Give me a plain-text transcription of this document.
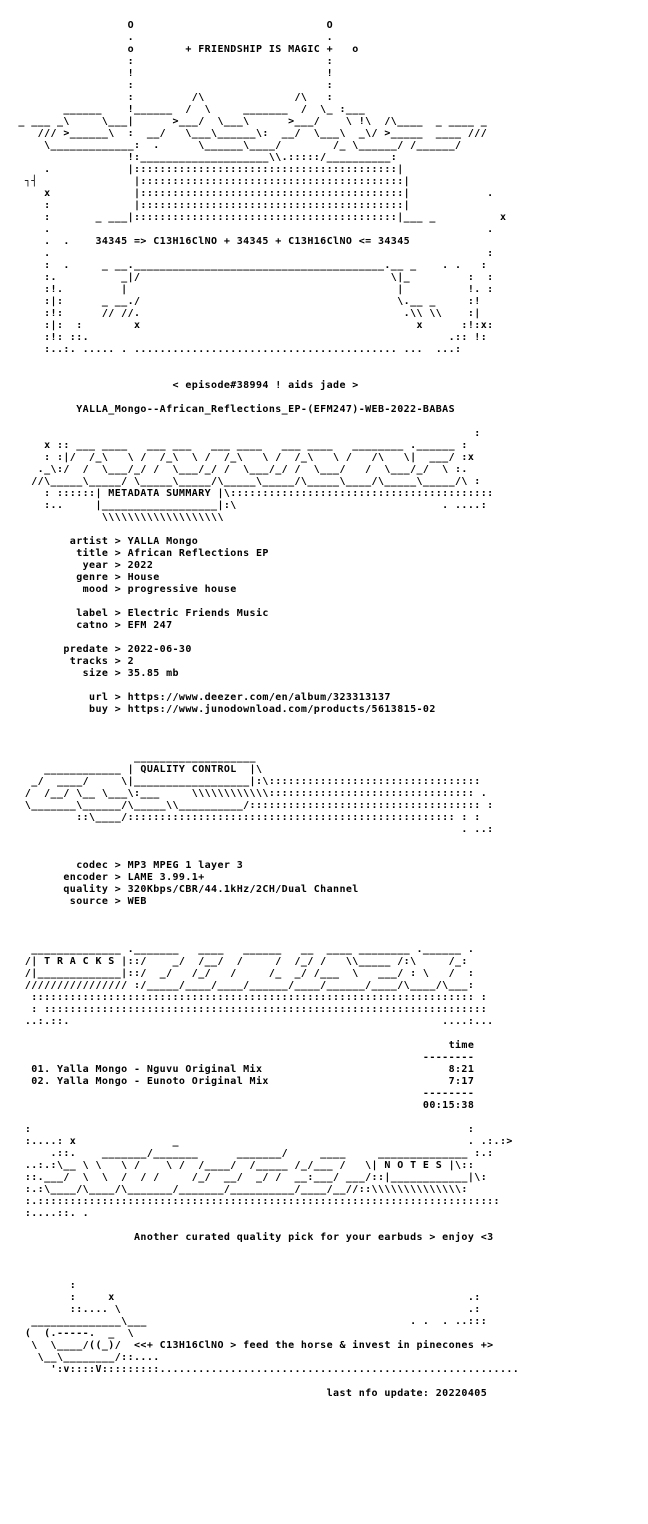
O                              O
.                              .
o        + FRIENDSHIP IS MAGIC +   o
:                              :
!                              !
:                              :
:         /\              /\   :
______    !______  /  \     _______  /  \_ :___
_ ___ _\     \___|      >___/  \___\      >___/    \ !\  /\____  _ ____ _
/// >______\  :  __/   \___\______\:  __/  \___\  _\/ >_____  ____ ///
\_____________:  .      \______\____/        /_ \______/ /______/
!:____________________\\.:::::/__________:
.            |:::::::::::::::::::::::::::::::::::::::::|
┐┤               |:::::::::::::::::::::::::::::::::::::::::|
x             |:::::::::::::::::::::::::::::::::::::::::|            .
:             |:::::::::::::::::::::::::::::::::::::::::|
:       _ ___|:::::::::::::::::::::::::::::::::::::::::|___ _          x
.                                                                    .
.  .    34345 => C13H16ClNO + 34345 + C13H16ClNO <= 34345
.                                                                    :
:  .     _ __._______________________________________.__ _    . .   :
:.          _|/                                       \|_         :  :
:!.         |                                          |          !. :
:|:      _ __./                                        \.__ _     :!
:!:      // //.                                         .\\ \\    :|
:|:  :        x                                           x      :!:x:
:!: ::.                                                        .:: !:
:..:. ..... . ......................................... ...  ...:

< episode#38994 ! aids jade >

YALLA_Mongo--African_Reflections_EP-(EFM247)-WEB-2022-BABAS

:
x :: ___ ____   ___ ___   ___ ____   ___ ____   ________ .______ :
: :|/  /_\   \ /  /_\  \ /  /_\   \ /  /_\   \ /   /\   \|  ___/ :x
._\:/  /  \___/_/ /  \___/_/ /  \___/_/ /  \___/   /  \___/_/  \ :.
//\_____\_____/ \_____\_____/\_____\_____/\_____\____/\_____\_____/\ :
: ::::::| METADATA SUMMARY |\:::::::::::::::::::::::::::::::::::::::::
:..     |__________________|:\                                . ....:
\\\\\\\\\\\\\\\\\\\

artist > YALLA Mongo
title > African Reflections EP
year > 2022
genre > House
mood > progressive house

label > Electric Friends Music
catno > EFM 247

predate > 2022-06-30
tracks > 2
size > 35.85 mb

url > https://www.deezer.com/en/album/323313137
buy > https://www.junodownload.com/products/5613815-02

___________________
____________ | QUALITY CONTROL  |\
_/  ____/     \|__________________|:\:::::::::::::::::::::::::::::::::
/  /__/ \__ \___\:___     \\\\\\\\\\\\:::::::::::::::::::::::::::::::: .
\_______\______/\_____\\__________/:::::::::::::::::::::::::::::::::::: :
::\____/::::::::::::::::::::::::::::::::::::::::::::::::::: : :
. ..:

codec > MP3 MPEG 1 layer 3
encoder > LAME 3.99.1+
quality > 320Kbps/CBR/44.1kHz/2CH/Dual Channel
source > WEB

______________ ._______   ____   ______   __  ____ ________ .______ .
/| T R A C K S |::/    _/  /__/  /     /  /_/ /   \\_____ /:\     /_:
/|_____________|::/  _/   /_/   /     /_  _/ /___  \   ___/ : \   /  :
//////////////// :/_____/____/____/______/____/______/____/\____/\___:
::::::::::::::::::::::::::::::::::::::::::::::::::::::::::::::::::::: :
: :::::::::::::::::::::::::::::::::::::::::::::::::::::::::::::::::::::
..:.::.                                                          ....:...

time
--------
01. Yalla Mongo - Nguvu Original Mix                             8:21
02. Yalla Mongo - Eunoto Original Mix                            7:17
--------
00:15:38

:                                                                    :
:....: x               _                                             . .:.:>
.::.    _______/_______      _______/     ____     ______________ :.:
..:.:\__ \ \   \ /    \ /  /____/  /_____ /_/___ /   \| N O T E S |\::
::.___/  \  \  /  / /     /_/  __/  _/ /  __:___/ ___/::|____________|\:
:.:\____/\____/\_______/_______/__________/____/__//::\\\\\\\\\\\\\\:
:.::::::::::::::::::::::::::::::::::::::::::::::::::::::::::::::::::::::::
:....::. .

Another curated quality pick for your earbuds > enjoy <3

:
:     x                                                       .:
::.... \                                                      .:
______________\___                                         . .  . ..:::
(  (.-----.  _  \
\  \____/((_)/  <<+ C13H16ClNO > feed the horse & invest in pinecones +>
\__\________/::....
':v::::V:::::::::........................................................

last nfo update: 20220405
